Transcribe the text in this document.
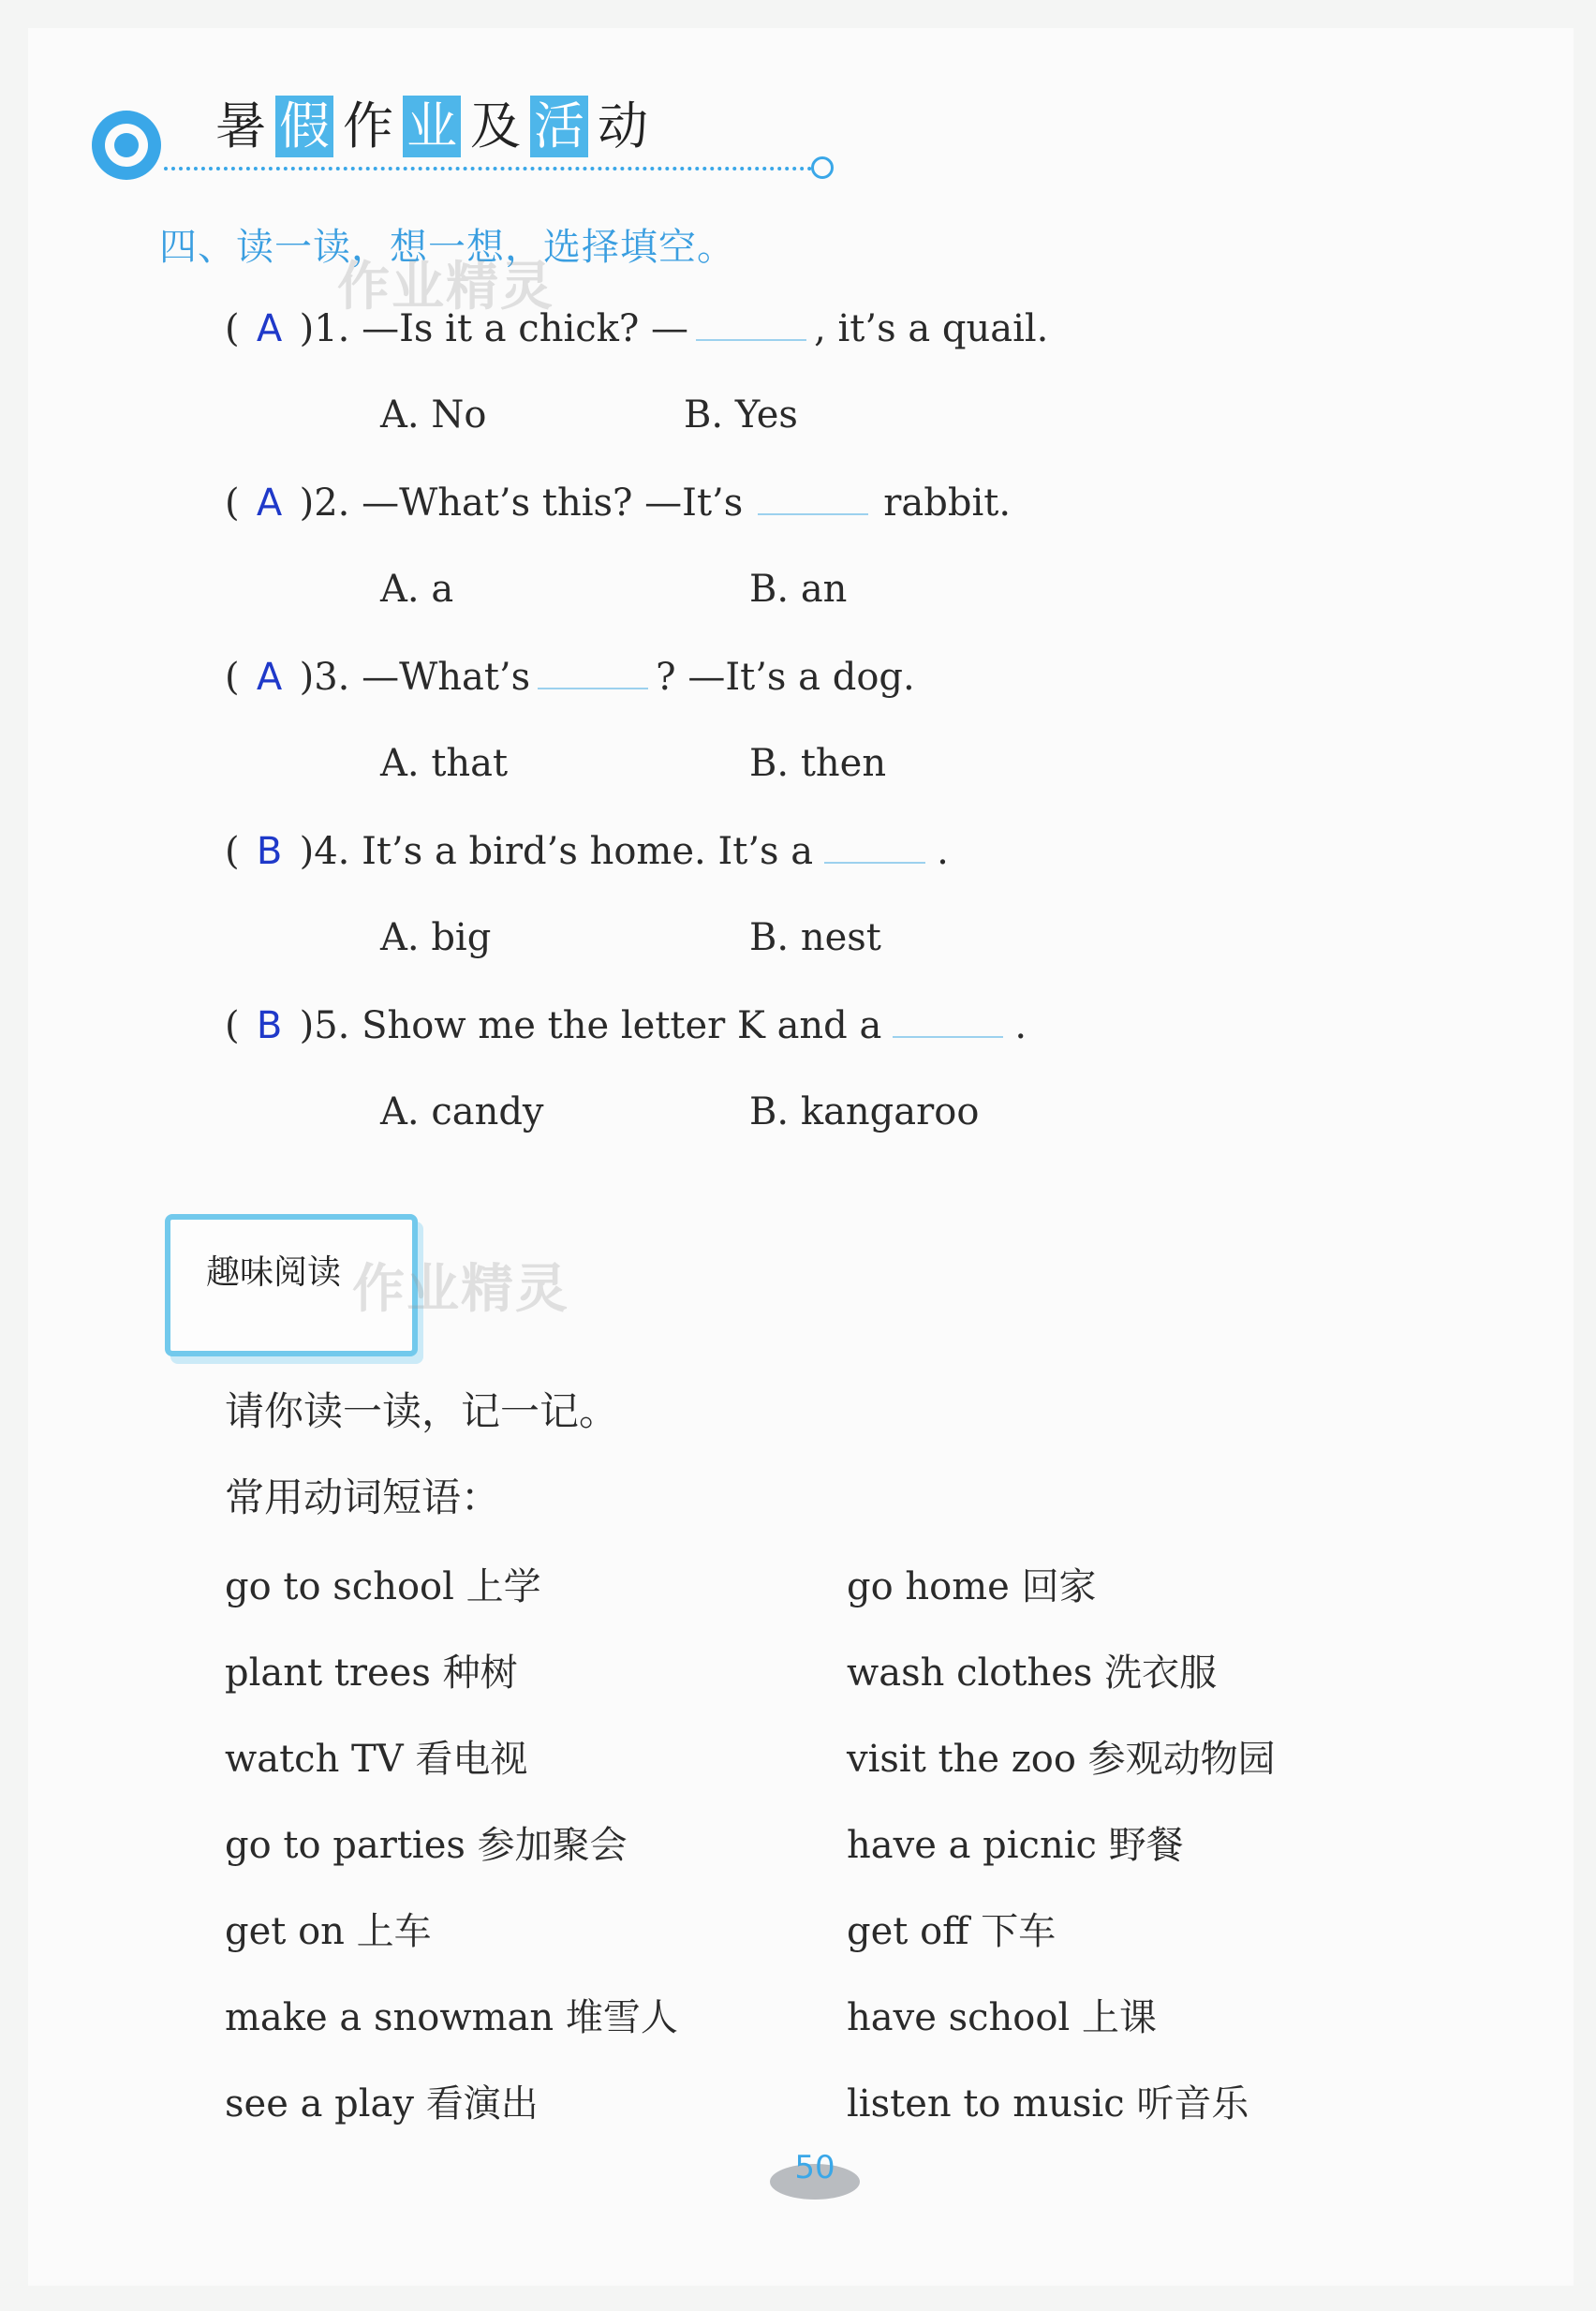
暑 假 作 业 及 活 动
四、读一读，想一想，选择填空。
作业精灵
( A )1. —Is it a chick? —	, it’s a quail.
A. No	B. Yes
( A )2. —What’s this? —It’s	rabbit.
A. a	B. an
( A )3. —What’s	? —It’s a dog.
A. that	B. then
( B )4. It’s a bird’s home. It’s a	.
A. big	B. nest
( B )5. Show me the letter K and a	.
A. candy	B. kangaroo
趣味阅读 作业精灵
请你读一读，记一记。
常用动词短语：
go to school 上学	go home 回家
plant trees 种树	wash clothes 洗衣服
watch TV 看电视	visit the zoo 参观动物园
go to parties 参加聚会	have a picnic 野餐
get on 上车	get off 下车
make a snowman 堆雪人	have school 上课
see a play 看演出	listen to music 听音乐
50
